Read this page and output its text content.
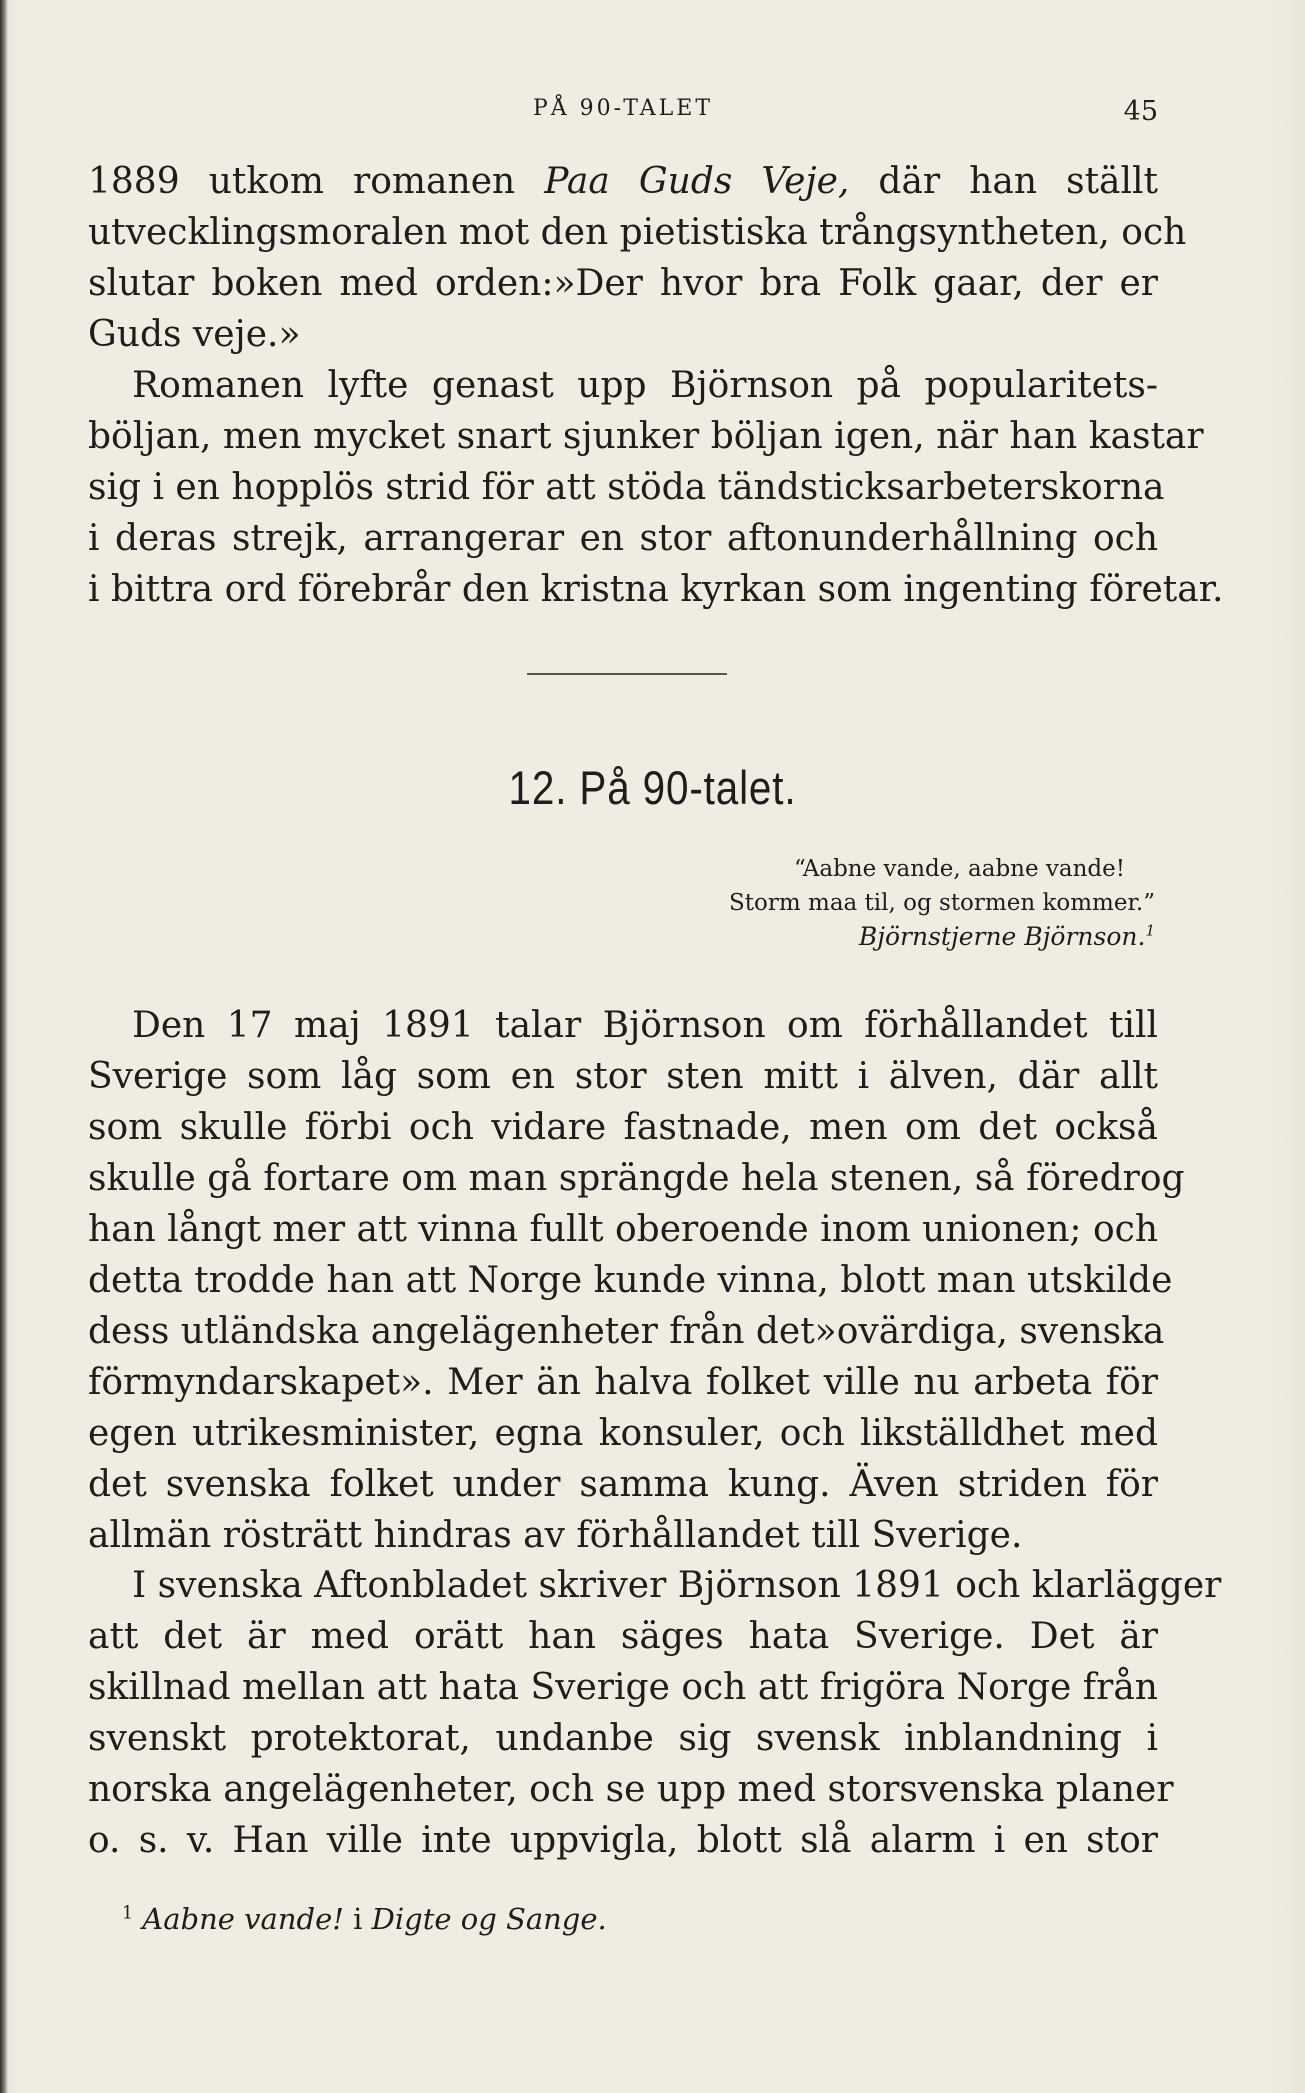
PÅ 90-TALET	45
1889 utkom romanen Paa Guds Veje, där han ställt
utvecklingsmoralen mot den pietistiska trångsyntheten, och
slutar boken med orden:»Der hvor bra Folk gaar, der er
Guds veje.»
Romanen lyfte genast upp Björnson på popularitets-
böljan, men mycket snart sjunker böljan igen, när han kastar
sig i en hopplös strid för att stöda tändsticksarbeterskorna
i deras strejk, arrangerar en stor aftonunderhållning och
i bittra ord förebrår den kristna kyrkan som ingenting företar.
12. På 90-talet.
“Aabne vande, aabne vande!
Storm maa til, og stormen kommer.”
Björnstjerne Björnson.$^1$
Den 17 maj 1891 talar Björnson om förhållandet till
Sverige som låg som en stor sten mitt i älven, där allt
som skulle förbi och vidare fastnade, men om det också
skulle gå fortare om man sprängde hela stenen, så föredrog
han långt mer att vinna fullt oberoende inom unionen; och
detta trodde han att Norge kunde vinna, blott man utskilde
dess utländska angelägenheter från det»ovärdiga, svenska
förmyndarskapet». Mer än halva folket ville nu arbeta för
egen utrikesminister, egna konsuler, och likställdhet med
det svenska folket under samma kung. Även striden för
allmän rösträtt hindras av förhållandet till Sverige.
I svenska Aftonbladet skriver Björnson 1891 och klarlägger
att det är med orätt han säges hata Sverige. Det är
skillnad mellan att hata Sverige och att frigöra Norge från
svenskt protektorat, undanbe sig svensk inblandning i
norska angelägenheter, och se upp med storsvenska planer
o. s. v. Han ville inte uppvigla, blott slå alarm i en stor
$^1$ Aabne vande! i Digte og Sange.
